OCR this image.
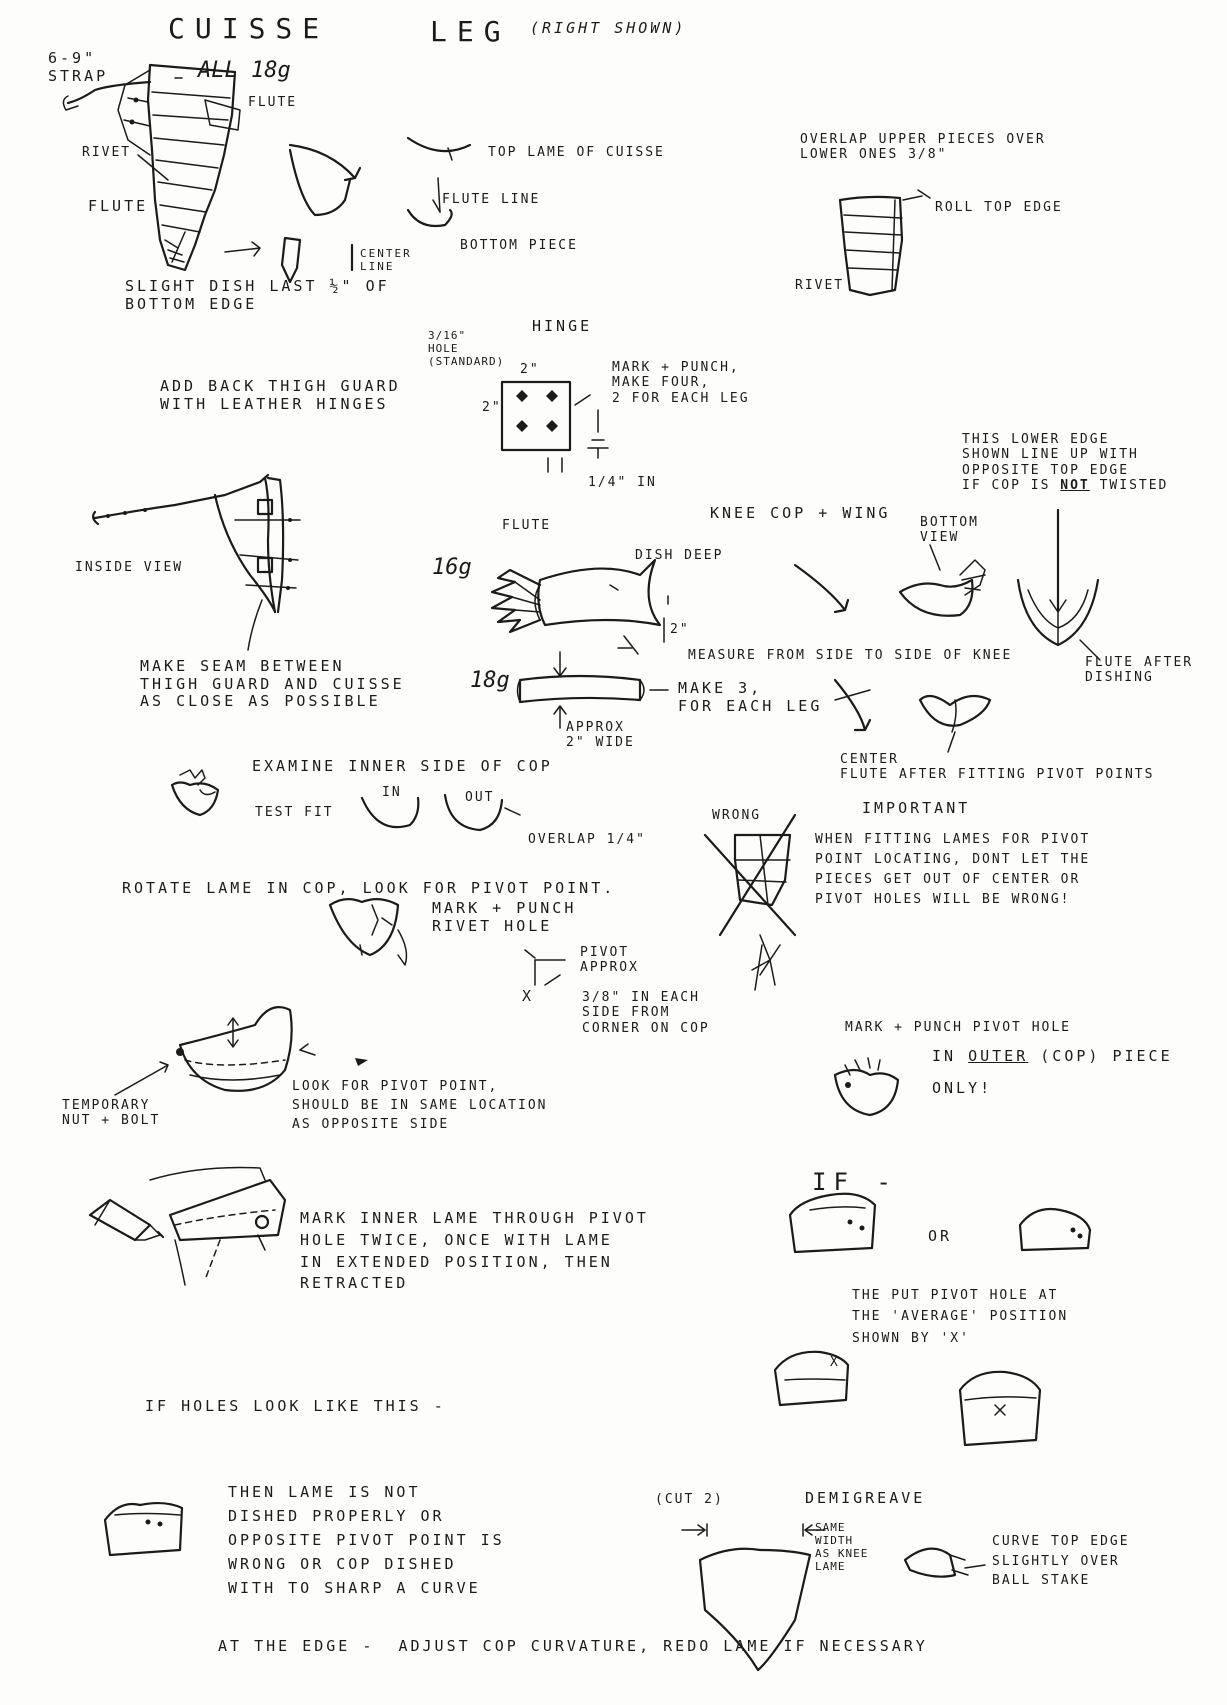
CUISSE	LEG (RIGHT SHOWN)
6-9"
STRAP	ALL 18g
FLUTE
RIVET
FLUTE
TOP LAME OF CUISSE
FLUTE LINE
BOTTOM PIECE
CENTER
LINE
SLIGHT DISH LAST ½" OF
BOTTOM EDGE
OVERLAP UPPER PIECES OVER
LOWER ONES 3/8"
ROLL TOP EDGE
RIVET
HINGE
3/16"
HOLE
(STANDARD)
2"
2"
1/4" IN
MARK + PUNCH,
MAKE FOUR,
2 FOR EACH LEG
ADD BACK THIGH GUARD
WITH LEATHER HINGES
INSIDE VIEW
MAKE SEAM BETWEEN
THIGH GUARD AND CUISSE
AS CLOSE AS POSSIBLE
KNEE COP + WING
16g
FLUTE
DISH DEEP
2"
MEASURE FROM SIDE TO SIDE OF KNEE
BOTTOM
VIEW
THIS LOWER EDGE
SHOWN LINE UP WITH
OPPOSITE TOP EDGE
IF COP IS NOT TWISTED
FLUTE AFTER
DISHING
18g	MAKE 3,
FOR EACH LEG
APPROX
2" WIDE
CENTER
FLUTE AFTER FITTING PIVOT POINTS
EXAMINE INNER SIDE OF COP
TEST FIT
IN	OUT
OVERLAP 1/4"
ROTATE LAME IN COP, LOOK FOR PIVOT POINT.
MARK + PUNCH
RIVET HOLE
PIVOT
APPROX
X	3/8" IN EACH
SIDE FROM
CORNER ON COP
WRONG	IMPORTANT
WHEN FITTING LAMES FOR PIVOT
POINT LOCATING, DONT LET THE
PIECES GET OUT OF CENTER OR
PIVOT HOLES WILL BE WRONG!
MARK + PUNCH PIVOT HOLE
IN OUTER (COP) PIECE
ONLY!
TEMPORARY
NUT + BOLT
LOOK FOR PIVOT POINT,
SHOULD BE IN SAME LOCATION
AS OPPOSITE SIDE
MARK INNER LAME THROUGH PIVOT
HOLE TWICE, ONCE WITH LAME
IN EXTENDED POSITION, THEN
RETRACTED
IF -
OR
THE PUT PIVOT HOLE AT
THE 'AVERAGE' POSITION
SHOWN BY 'X'
X
IF HOLES LOOK LIKE THIS -
THEN LAME IS NOT
DISHED PROPERLY OR
OPPOSITE PIVOT POINT IS
WRONG OR COP DISHED
WITH TO SHARP A CURVE
AT THE EDGE -  ADJUST COP CURVATURE, REDO LAME IF NECESSARY
(CUT 2)	DEMIGREAVE
SAME
WIDTH
AS KNEE
LAME
CURVE TOP EDGE
SLIGHTLY OVER
BALL STAKE
